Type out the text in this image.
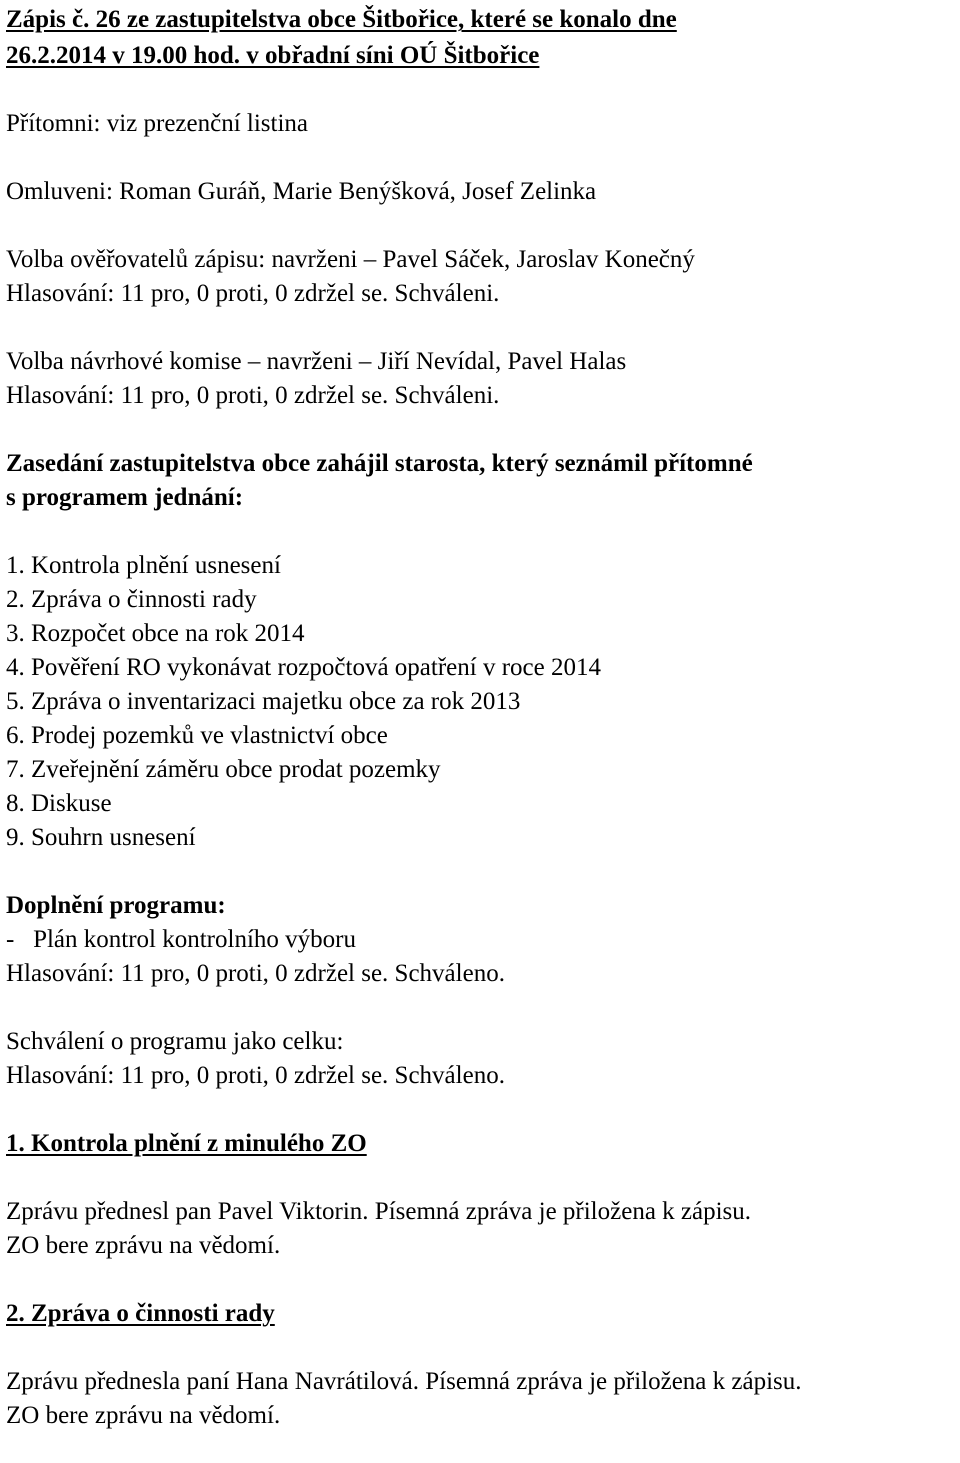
Zápis č. 26 ze zastupitelstva obce Šitbořice, které se konalo dne

26.2.2014 v 19.00 hod. v obřadní síni OÚ Šitbořice

Přítomni: viz prezenční listina

Omluveni: Roman Guráň, Marie Benýšková, Josef Zelinka

Volba ověřovatelů zápisu: navrženi – Pavel Sáček, Jaroslav Konečný

Hlasování: 11 pro, 0 proti, 0 zdržel se. Schváleni.

Volba návrhové komise – navrženi – Jiří Nevídal, Pavel Halas

Hlasování: 11 pro, 0 proti, 0 zdržel se. Schváleni.

Zasedání zastupitelstva obce zahájil starosta, který seznámil přítomné

s programem jednání:

1. Kontrola plnění usnesení

2. Zpráva o činnosti rady

3. Rozpočet obce na rok 2014

4. Pověření RO vykonávat rozpočtová opatření v roce 2014

5. Zpráva o inventarizaci majetku obce za rok 2013

6. Prodej pozemků ve vlastnictví obce

7. Zveřejnění záměru obce prodat pozemky

8. Diskuse

9. Souhrn usnesení

Doplnění programu:

-   Plán kontrol kontrolního výboru

Hlasování: 11 pro, 0 proti, 0 zdržel se. Schváleno.

Schválení o programu jako celku:

Hlasování: 11 pro, 0 proti, 0 zdržel se. Schváleno.

1. Kontrola plnění z minulého ZO

Zprávu přednesl pan Pavel Viktorin. Písemná zpráva je přiložena k zápisu.

ZO bere zprávu na vědomí.

2. Zpráva o činnosti rady

Zprávu přednesla paní Hana Navrátilová. Písemná zpráva je přiložena k zápisu.

ZO bere zprávu na vědomí.
